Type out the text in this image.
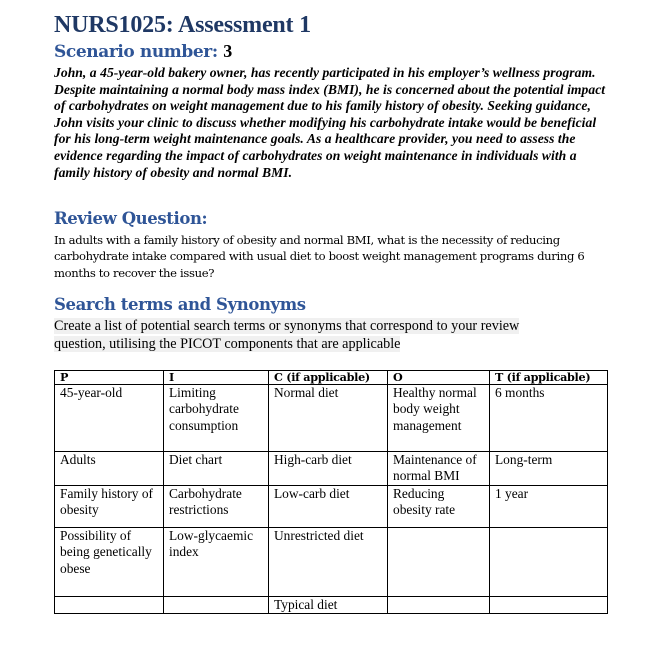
NURS1025: Assessment 1

Scenario number: 3

John, a 45-year-old bakery owner, has recently participated in his employer’s wellness program. Despite maintaining a normal body mass index (BMI), he is concerned about the potential impact of carbohydrates on weight management due to his family history of obesity. Seeking guidance, John visits your clinic to discuss whether modifying his carbohydrate intake would be beneficial for his long-term weight maintenance goals. As a healthcare provider, you need to assess the evidence regarding the impact of carbohydrates on weight maintenance in individuals with a family history of obesity and normal BMI.

Review Question:

In adults with a family history of obesity and normal BMI, what is the necessity of reducing carbohydrate intake compared with usual diet to boost weight management programs during 6 months to recover the issue?

Search terms and Synonyms

Create a list of potential search terms or synonyms that correspond to your review
question, utilising the PICOT components that are applicable

P	I	C (if applicable)	O	T (if applicable)
45-year-old	Limiting carbohydrate consumption	Normal diet	Healthy normal body weight management	6 months
Adults	Diet chart	High-carb diet	Maintenance of normal BMI	Long-term
Family history of obesity	Carbohydrate restrictions	Low-carb diet	Reducing obesity rate	1 year
Possibility of being genetically obese	Low-glycaemic index	Unrestricted diet		
		Typical diet		
